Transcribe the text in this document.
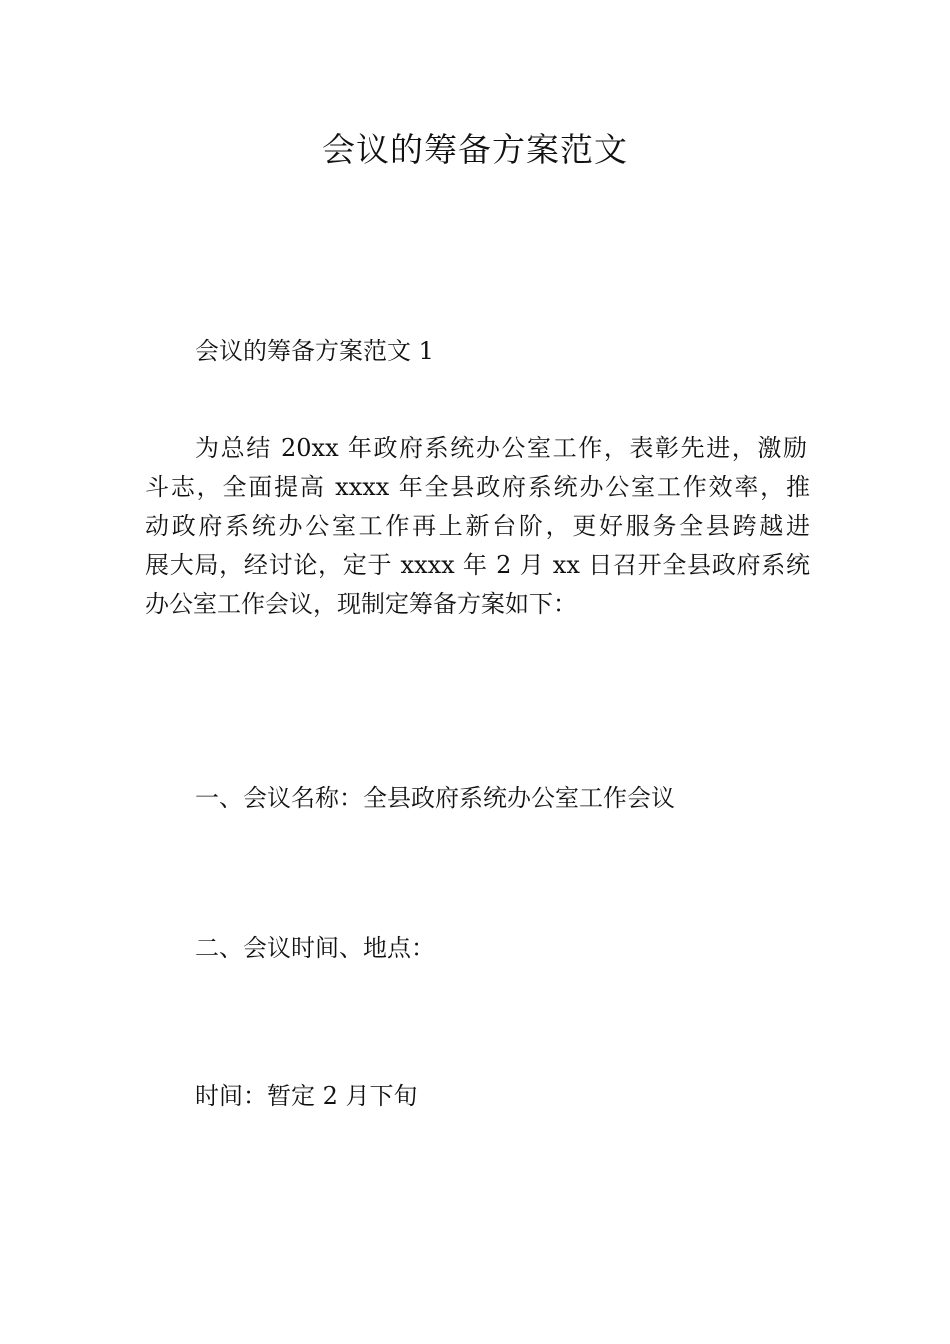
会议的筹备方案范文

会议的筹备方案范文 1

为总结 20xx 年政府系统办公室工作，表彰先进，激励

斗志，全面提高 xxxx 年全县政府系统办公室工作效率，推

动政府系统办公室工作再上新台阶，更好服务全县跨越进

展大局，经讨论，定于 xxxx 年 2 月 xx 日召开全县政府系统

办公室工作会议，现制定筹备方案如下：

一、会议名称：全县政府系统办公室工作会议

二、会议时间、地点：

时间：暂定 2 月下旬
